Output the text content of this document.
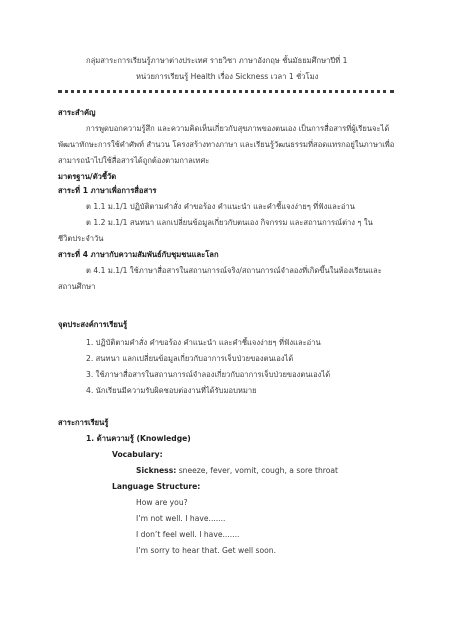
กลุ่มสาระการเรียนรู้ภาษาต่างประเทศ รายวิชา ภาษาอังกฤษ ชั้นมัธยมศึกษาปีที่ 1
หน่วยการเรียนรู้ Health เรื่อง Sickness เวลา 1 ชั่วโมง
สาระสำคัญ
การพูดบอกความรู้สึก และความคิดเห็นเกี่ยวกับสุขภาพของตนเอง เป็นการสื่อสารที่ผู้เรียนจะได้
พัฒนาทักษะการใช้คำศัพท์ สำนวน โครงสร้างทางภาษา และเรียนรู้วัฒนธรรมที่สอดแทรกอยู่ในภาษาเพื่อ
สามารถนำไปใช้สื่อสารได้ถูกต้องตามกาลเทศะ
มาตรฐาน/ตัวชี้วัด
สาระที่ 1 ภาษาเพื่อการสื่อสาร
ต 1.1 ม.1/1 ปฏิบัติตามคำสั่ง คำขอร้อง คำแนะนำ และคำชี้แจงง่ายๆ ที่ฟังและอ่าน
ต 1.2 ม.1/1 สนทนา แลกเปลี่ยนข้อมูลเกี่ยวกับตนเอง กิจกรรม และสถานการณ์ต่าง ๆ ใน
ชีวิตประจำวัน
สาระที่ 4 ภาษากับความสัมพันธ์กับชุมชนและโลก
ต 4.1 ม.1/1 ใช้ภาษาสื่อสารในสถานการณ์จริง/สถานการณ์จำลองที่เกิดขึ้นในห้องเรียนและ
สถานศึกษา
จุดประสงค์การเรียนรู้
1. ปฏิบัติตามคำสั่ง คำขอร้อง คำแนะนำ และคำชี้แจงง่ายๆ ที่ฟังและอ่าน
2. สนทนา แลกเปลี่ยนข้อมูลเกี่ยวกับอาการเจ็บป่วยของตนเองได้
3. ใช้ภาษาสื่อสารในสถานการณ์จำลองเกี่ยวกับอาการเจ็บป่วยของตนเองได้
4. นักเรียนมีความรับผิดชอบต่องานที่ได้รับมอบหมาย
สาระการเรียนรู้
1. ด้านความรู้ (Knowledge)
Vocabulary:
Sickness: sneeze, fever, vomit, cough, a sore throat
Language Structure:
How are you?
I’m not well. I have.......
I don’t feel well. I have.......
I’m sorry to hear that. Get well soon.
